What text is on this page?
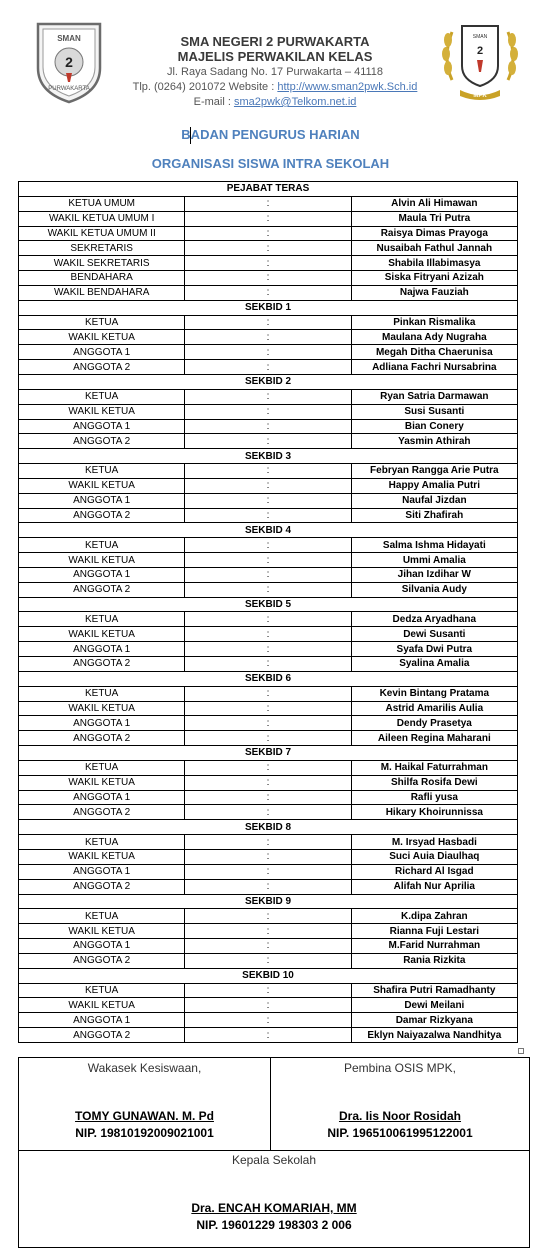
SMAN
2
PURWAKARTA
SMA NEGERI 2 PURWAKARTA
MAJELIS PERWAKILAN KELAS
Jl. Raya Sadang No. 17 Purwakarta – 41118
Tlp. (0264) 201072 Website : http://www.sman2pwk.Sch.id
E-mail : sma2pwk@Telkom.net.id
SMAN
2
MPK
BADAN PENGURUS HARIAN
ORGANISASI SISWA INTRA SEKOLAH
PEJABAT TERAS		
KETUA UMUM	:	Alvin Ali Himawan
WAKIL KETUA UMUM I	:	Maula Tri Putra
WAKIL KETUA UMUM II	:	Raisya Dimas Prayoga
SEKRETARIS	:	Nusaibah Fathul Jannah
WAKIL SEKRETARIS	:	Shabila Illabimasya
BENDAHARA	:	Siska Fitryani Azizah
WAKIL BENDAHARA	:	Najwa Fauziah
SEKBID 1		
KETUA	:	Pinkan Rismalika
WAKIL KETUA	:	Maulana Ady Nugraha
ANGGOTA 1	:	Megah Ditha Chaerunisa
ANGGOTA 2	:	Adliana Fachri Nursabrina
SEKBID 2		
KETUA	:	Ryan Satria Darmawan
WAKIL KETUA	:	Susi Susanti
ANGGOTA 1	:	Bian Conery
ANGGOTA 2	:	Yasmin Athirah
SEKBID 3		
KETUA	:	Febryan Rangga Arie Putra
WAKIL KETUA	:	Happy Amalia Putri
ANGGOTA 1	:	Naufal Jizdan
ANGGOTA 2	:	Siti Zhafirah
SEKBID 4		
KETUA	:	Salma Ishma Hidayati
WAKIL KETUA	:	Ummi Amalia
ANGGOTA 1	:	Jihan Izdihar W
ANGGOTA 2	:	Silvania Audy
SEKBID 5		
KETUA	:	Dedza Aryadhana
WAKIL KETUA	:	Dewi Susanti
ANGGOTA 1	:	Syafa Dwi Putra
ANGGOTA 2	:	Syalina Amalia
SEKBID 6		
KETUA	:	Kevin Bintang Pratama
WAKIL KETUA	:	Astrid Amarilis Aulia
ANGGOTA 1	:	Dendy Prasetya
ANGGOTA 2	:	Aileen Regina Maharani
SEKBID 7		
KETUA	:	M. Haikal Faturrahman
WAKIL KETUA	:	Shilfa Rosifa Dewi
ANGGOTA 1	:	Rafli yusa
ANGGOTA 2	:	Hikary Khoirunnissa
SEKBID 8		
KETUA	:	M. Irsyad Hasbadi
WAKIL KETUA	:	Suci Auia Diaulhaq
ANGGOTA 1	:	Richard Al Isgad
ANGGOTA 2	:	Alifah Nur Aprilia
SEKBID 9		
KETUA	:	K.dipa Zahran
WAKIL KETUA	:	Rianna Fuji Lestari
ANGGOTA 1	:	M.Farid Nurrahman
ANGGOTA 2	:	Rania Rizkita
SEKBID 10		
KETUA	:	Shafira Putri Ramadhanty
WAKIL KETUA	:	Dewi Meilani
ANGGOTA 1	:	Damar Rizkyana
ANGGOTA 2	:	Eklyn Naiyazalwa Nandhitya
Wakasek Kesiswaan,
TOMY GUNAWAN. M. Pd
NIP. 19810192009021001
Pembina OSIS MPK,
Dra. Iis Noor Rosidah
NIP. 196510061995122001
Kepala Sekolah
Dra. ENCAH KOMARIAH, MM
NIP. 19601229 198303 2 006
